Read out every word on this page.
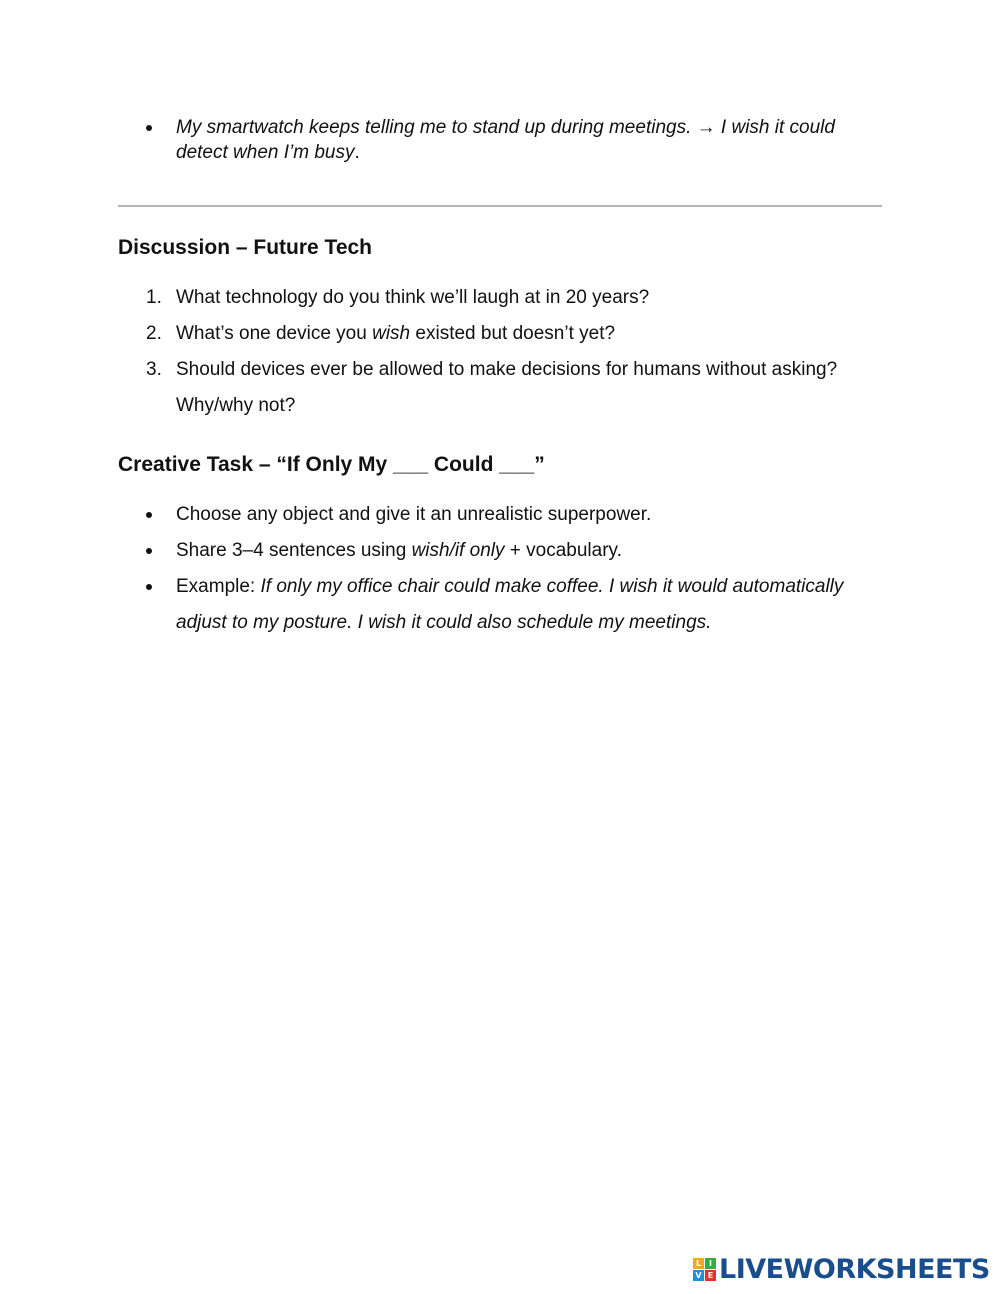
My smartwatch keeps telling me to stand up during meetings. → I wish it could detect when I’m busy.
Discussion – Future Tech
1. What technology do you think we’ll laugh at in 20 years?
2. What’s one device you wish existed but doesn’t yet?
3. Should devices ever be allowed to make decisions for humans without asking? Why/why not?
Creative Task – “If Only My ___ Could ___”
Choose any object and give it an unrealistic superpower.
Share 3–4 sentences using wish/if only + vocabulary.
Example: If only my office chair could make coffee. I wish it would automatically adjust to my posture. I wish it could also schedule my meetings.
L I
V E LIVEWORKSHEETS
